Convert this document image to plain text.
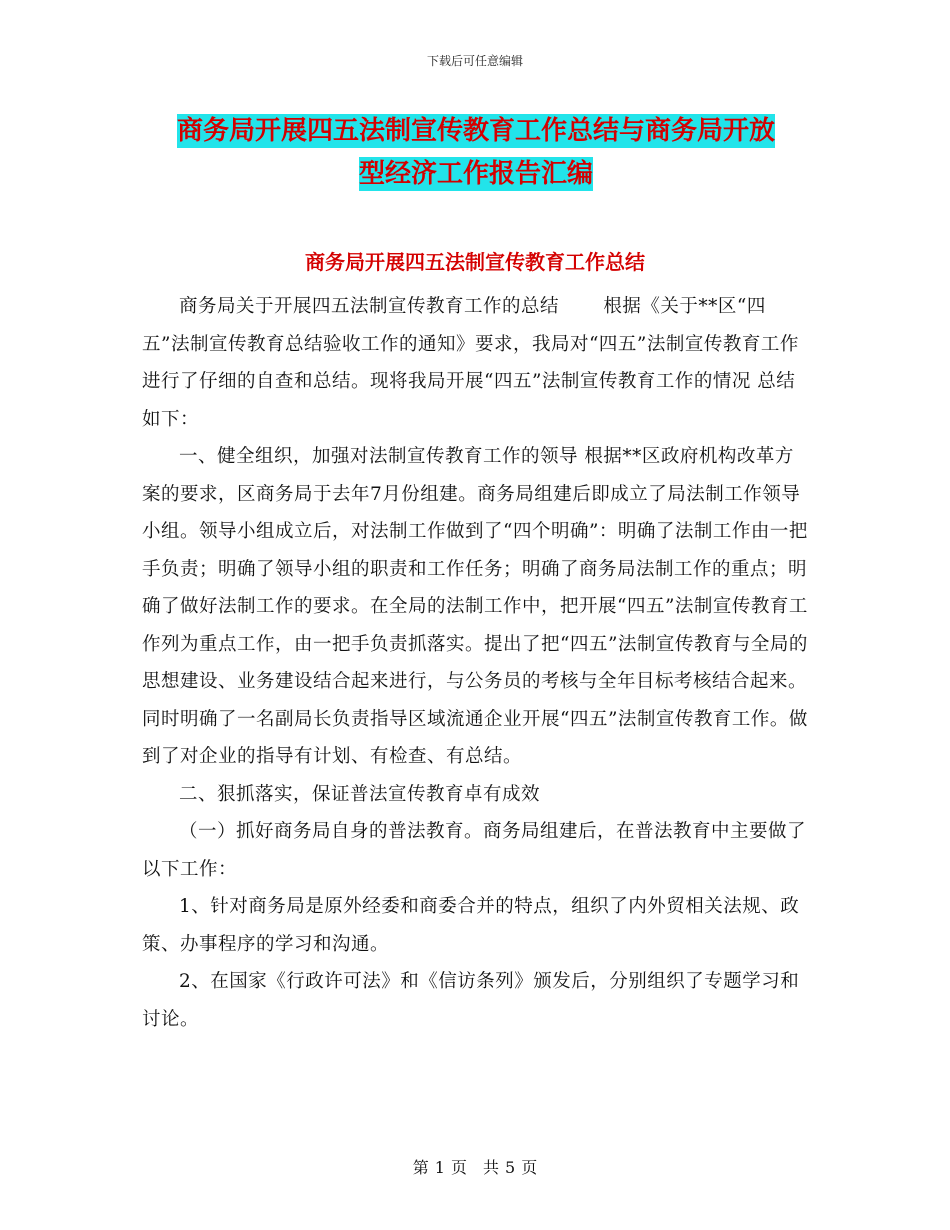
下载后可任意编辑
商务局开展四五法制宣传教育工作总结与商务局开放
型经济工作报告汇编
商务局开展四五法制宣传教育工作总结

商务局关于开展四五法制宣传教育工作的总结　　 根据《关于**区“四五”法制宣传教育总结验收工作的通知》要求，我局对“四五”法制宣传教育工作进行了仔细的自查和总结。现将我局开展“四五”法制宣传教育工作的情况 总结 如下：

一、健全组织，加强对法制宣传教育工作的领导 根据**区政府机构改革方案的要求，区商务局于去年7月份组建。商务局组建后即成立了局法制工作领导小组。领导小组成立后，对法制工作做到了“四个明确”：明确了法制工作由一把手负责；明确了领导小组的职责和工作任务；明确了商务局法制工作的重点；明确了做好法制工作的要求。在全局的法制工作中，把开展“四五”法制宣传教育工作列为重点工作，由一把手负责抓落实。提出了把“四五”法制宣传教育与全局的思想建设、业务建设结合起来进行，与公务员的考核与全年目标考核结合起来。同时明确了一名副局长负责指导区域流通企业开展“四五”法制宣传教育工作。做到了对企业的指导有计划、有检查、有总结。

二、狠抓落实，保证普法宣传教育卓有成效

（一）抓好商务局自身的普法教育。商务局组建后，在普法教育中主要做了以下工作：

1、针对商务局是原外经委和商委合并的特点，组织了内外贸相关法规、政策、办事程序的学习和沟通。

2、在国家《行政许可法》和《信访条列》颁发后，分别组织了专题学习和讨论。

第 1 页　共 5 页
